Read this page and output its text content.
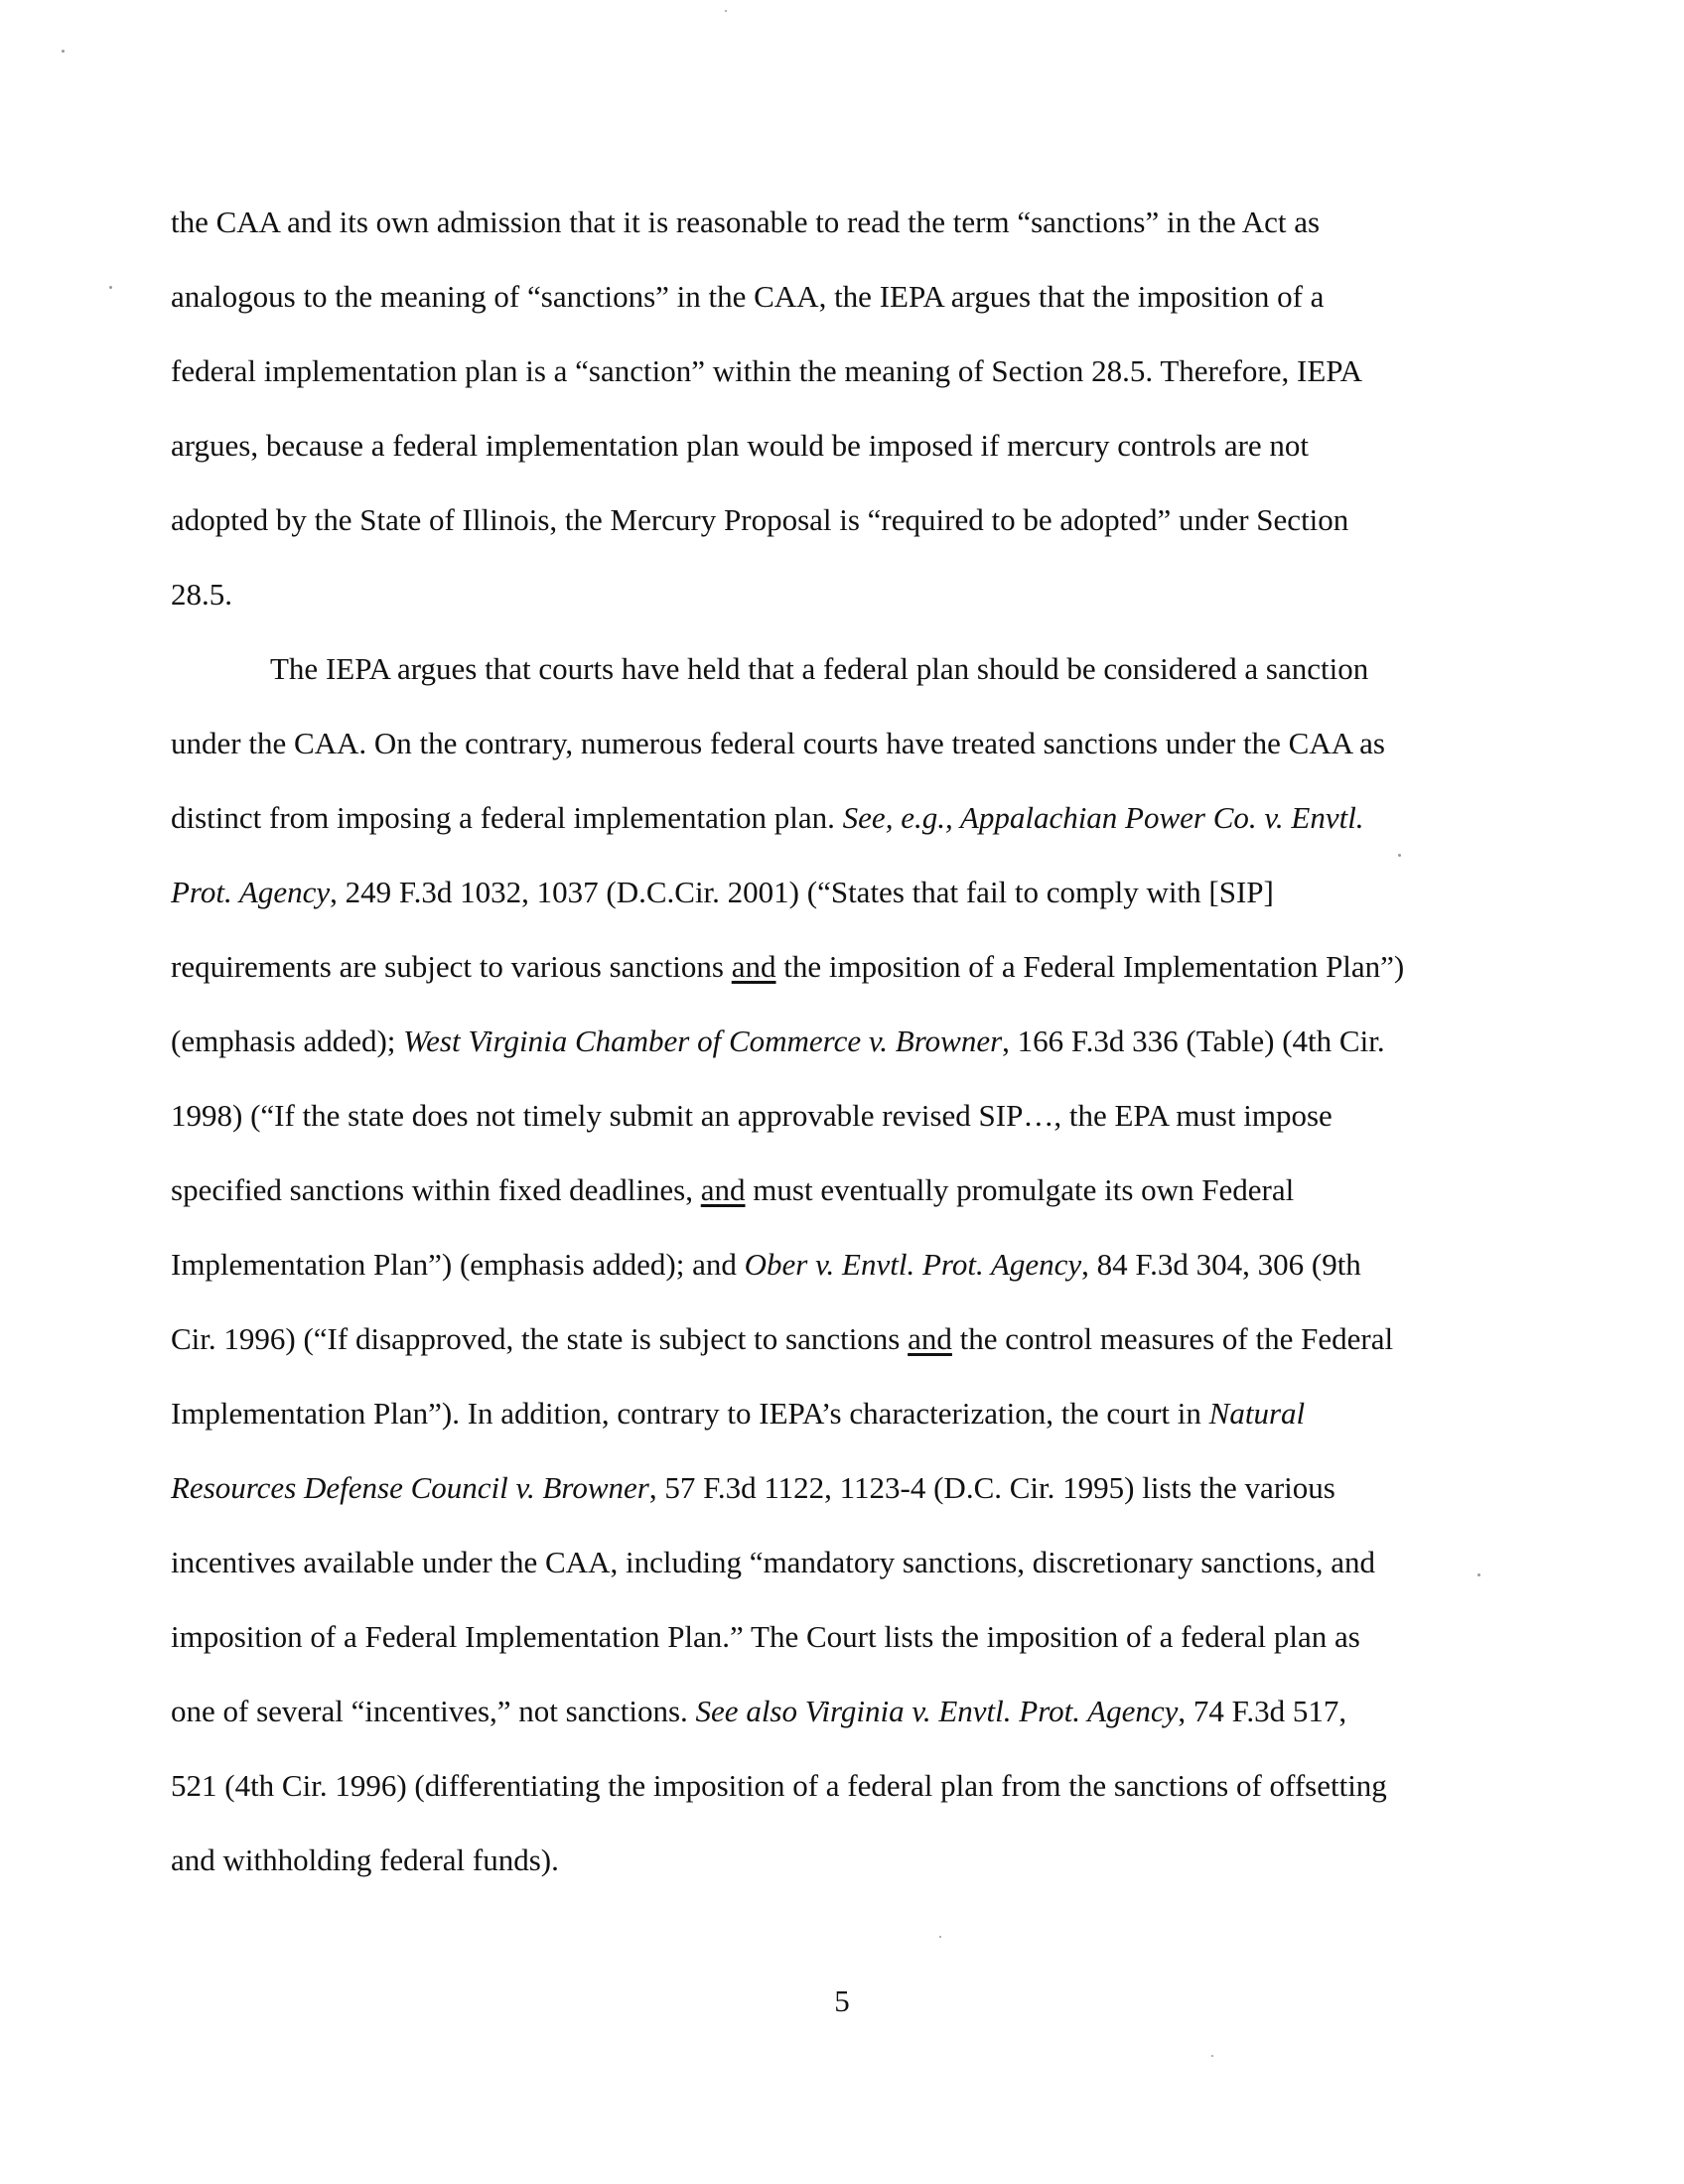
the CAA and its own admission that it is reasonable to read the term “sanctions” in the Act as
analogous to the meaning of “sanctions” in the CAA, the IEPA argues that the imposition of a
federal implementation plan is a “sanction” within the meaning of Section 28.5. Therefore, IEPA
argues, because a federal implementation plan would be imposed if mercury controls are not
adopted by the State of Illinois, the Mercury Proposal is “required to be adopted” under Section
28.5.
The IEPA argues that courts have held that a federal plan should be considered a sanction
under the CAA. On the contrary, numerous federal courts have treated sanctions under the CAA as
distinct from imposing a federal implementation plan. See, e.g., Appalachian Power Co. v. Envtl.
Prot. Agency, 249 F.3d 1032, 1037 (D.C.Cir. 2001) (“States that fail to comply with [SIP]
requirements are subject to various sanctions and the imposition of a Federal Implementation Plan”)
(emphasis added); West Virginia Chamber of Commerce v. Browner, 166 F.3d 336 (Table) (4th Cir.
1998) (“If the state does not timely submit an approvable revised SIP…, the EPA must impose
specified sanctions within fixed deadlines, and must eventually promulgate its own Federal
Implementation Plan”) (emphasis added); and Ober v. Envtl. Prot. Agency, 84 F.3d 304, 306 (9th
Cir. 1996) (“If disapproved, the state is subject to sanctions and the control measures of the Federal
Implementation Plan”). In addition, contrary to IEPA’s characterization, the court in Natural
Resources Defense Council v. Browner, 57 F.3d 1122, 1123-4 (D.C. Cir. 1995) lists the various
incentives available under the CAA, including “mandatory sanctions, discretionary sanctions, and
imposition of a Federal Implementation Plan.” The Court lists the imposition of a federal plan as
one of several “incentives,” not sanctions. See also Virginia v. Envtl. Prot. Agency, 74 F.3d 517,
521 (4th Cir. 1996) (differentiating the imposition of a federal plan from the sanctions of offsetting
and withholding federal funds).
5
